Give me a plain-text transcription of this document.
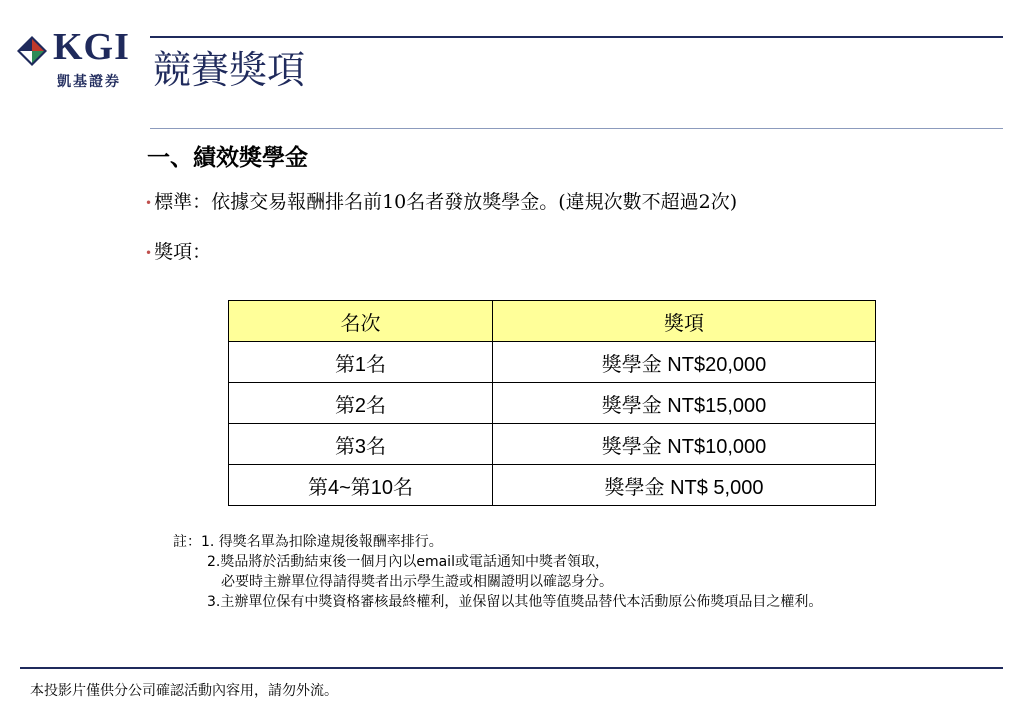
KGI
凱基證券 競賽獎項
一、績效獎學金
• 標準：依據交易報酬排名前10名者發放獎學金。(違規次數不超過2次)
• 獎項：
名次	獎項
第1名	獎學金 NT$20,000
第2名	獎學金 NT$15,000
第3名	獎學金 NT$10,000
第4~第10名	獎學金 NT$ 5,000
註：1. 得獎名單為扣除違規後報酬率排行。
2.獎品將於活動結束後一個月內以email或電話通知中獎者領取，
必要時主辦單位得請得獎者出示學生證或相關證明以確認身分。
3.主辦單位保有中獎資格審核最終權利，並保留以其他等值獎品替代本活動原公佈獎項品目之權利。
本投影片僅供分公司確認活動內容用，請勿外流。
